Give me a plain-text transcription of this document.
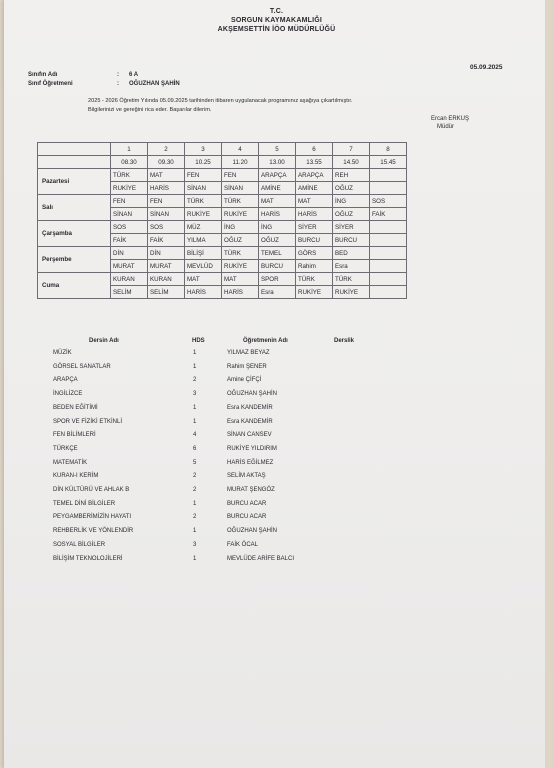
T.C.
SORGUN KAYMAKAMLIĞI
AKŞEMSETTİN İÖO MÜDÜRLÜĞÜ
05.09.2025
Sınıfın Adı	: 6 A
Sınıf Öğretmeni	: OĞUZHAN ŞAHİN
2025 - 2026 Öğretim Yılında 05.09.2025 tarihinden itibaren uygulanacak programınız aşağıya çıkartılmıştır.
Bilgilerinizi ve gereğini rica eder. Başarılar dilerim.
Ercan ERKUŞ
Müdür
	1	2	3	4	5	6	7	8
	08.30	09.30	10.25	11.20	13.00	13.55	14.50	15.45
Pazartesi	TÜRK	MAT	FEN	FEN	ARAPÇA	ARAPÇA	REH	
	RUKİYE	HARİS	SİNAN	SİNAN	AMİNE	AMİNE	OĞUZ	
Salı	FEN	FEN	TÜRK	TÜRK	MAT	MAT	İNG	SOS
	SİNAN	SİNAN	RUKİYE	RUKİYE	HARİS	HARİS	OĞUZ	FAİK
Çarşamba	SOS	SOS	MÜZ	İNG	İNG	SİYER	SİYER	
	FAİK	FAİK	YILMA	OĞUZ	OĞUZ	BURCU	BURCU	
Perşembe	DİN	DİN	BİLİŞİ	TÜRK	TEMEL	GÖRS	BED	
	MURAT	MURAT	MEVLÜD	RUKİYE	BURCU	Rahim	Esra	
Cuma	KURAN	KURAN	MAT	MAT	SPOR	TÜRK	TÜRK	
	SELİM	SELİM	HARİS	HARİS	Esra	RUKİYE	RUKİYE	
Dersin Adı	HDS	Öğretmenin Adı	Derslik
MÜZİK	1	YILMAZ BEYAZ
GÖRSEL SANATLAR	1	Rahim ŞENER
ARAPÇA	2	Amine ÇİFÇİ
İNGİLİZCE	3	OĞUZHAN ŞAHİN
BEDEN EĞİTİMİ	1	Esra KANDEMİR
SPOR VE FİZİKİ ETKİNLİ	1	Esra KANDEMİR
FEN BİLİMLERİ	4	SİNAN CANSEV
TÜRKÇE	6	RUKİYE YILDIRIM
MATEMATİK	5	HARİS EĞİLMEZ
KURAN-I KERİM	2	SELİM AKTAŞ
DİN KÜLTÜRÜ VE AHLAK B	2	MURAT ŞENGÖZ
TEMEL DİNİ BİLGİLER	1	BURCU ACAR
PEYGAMBERİMİZİN HAYATI	2	BURCU ACAR
REHBERLİK VE YÖNLENDİR	1	OĞUZHAN ŞAHİN
SOSYAL BİLGİLER	3	FAİK ÖCAL
BİLİŞİM TEKNOLOJİLERİ	1	MEVLÜDE ARİFE BALCI
